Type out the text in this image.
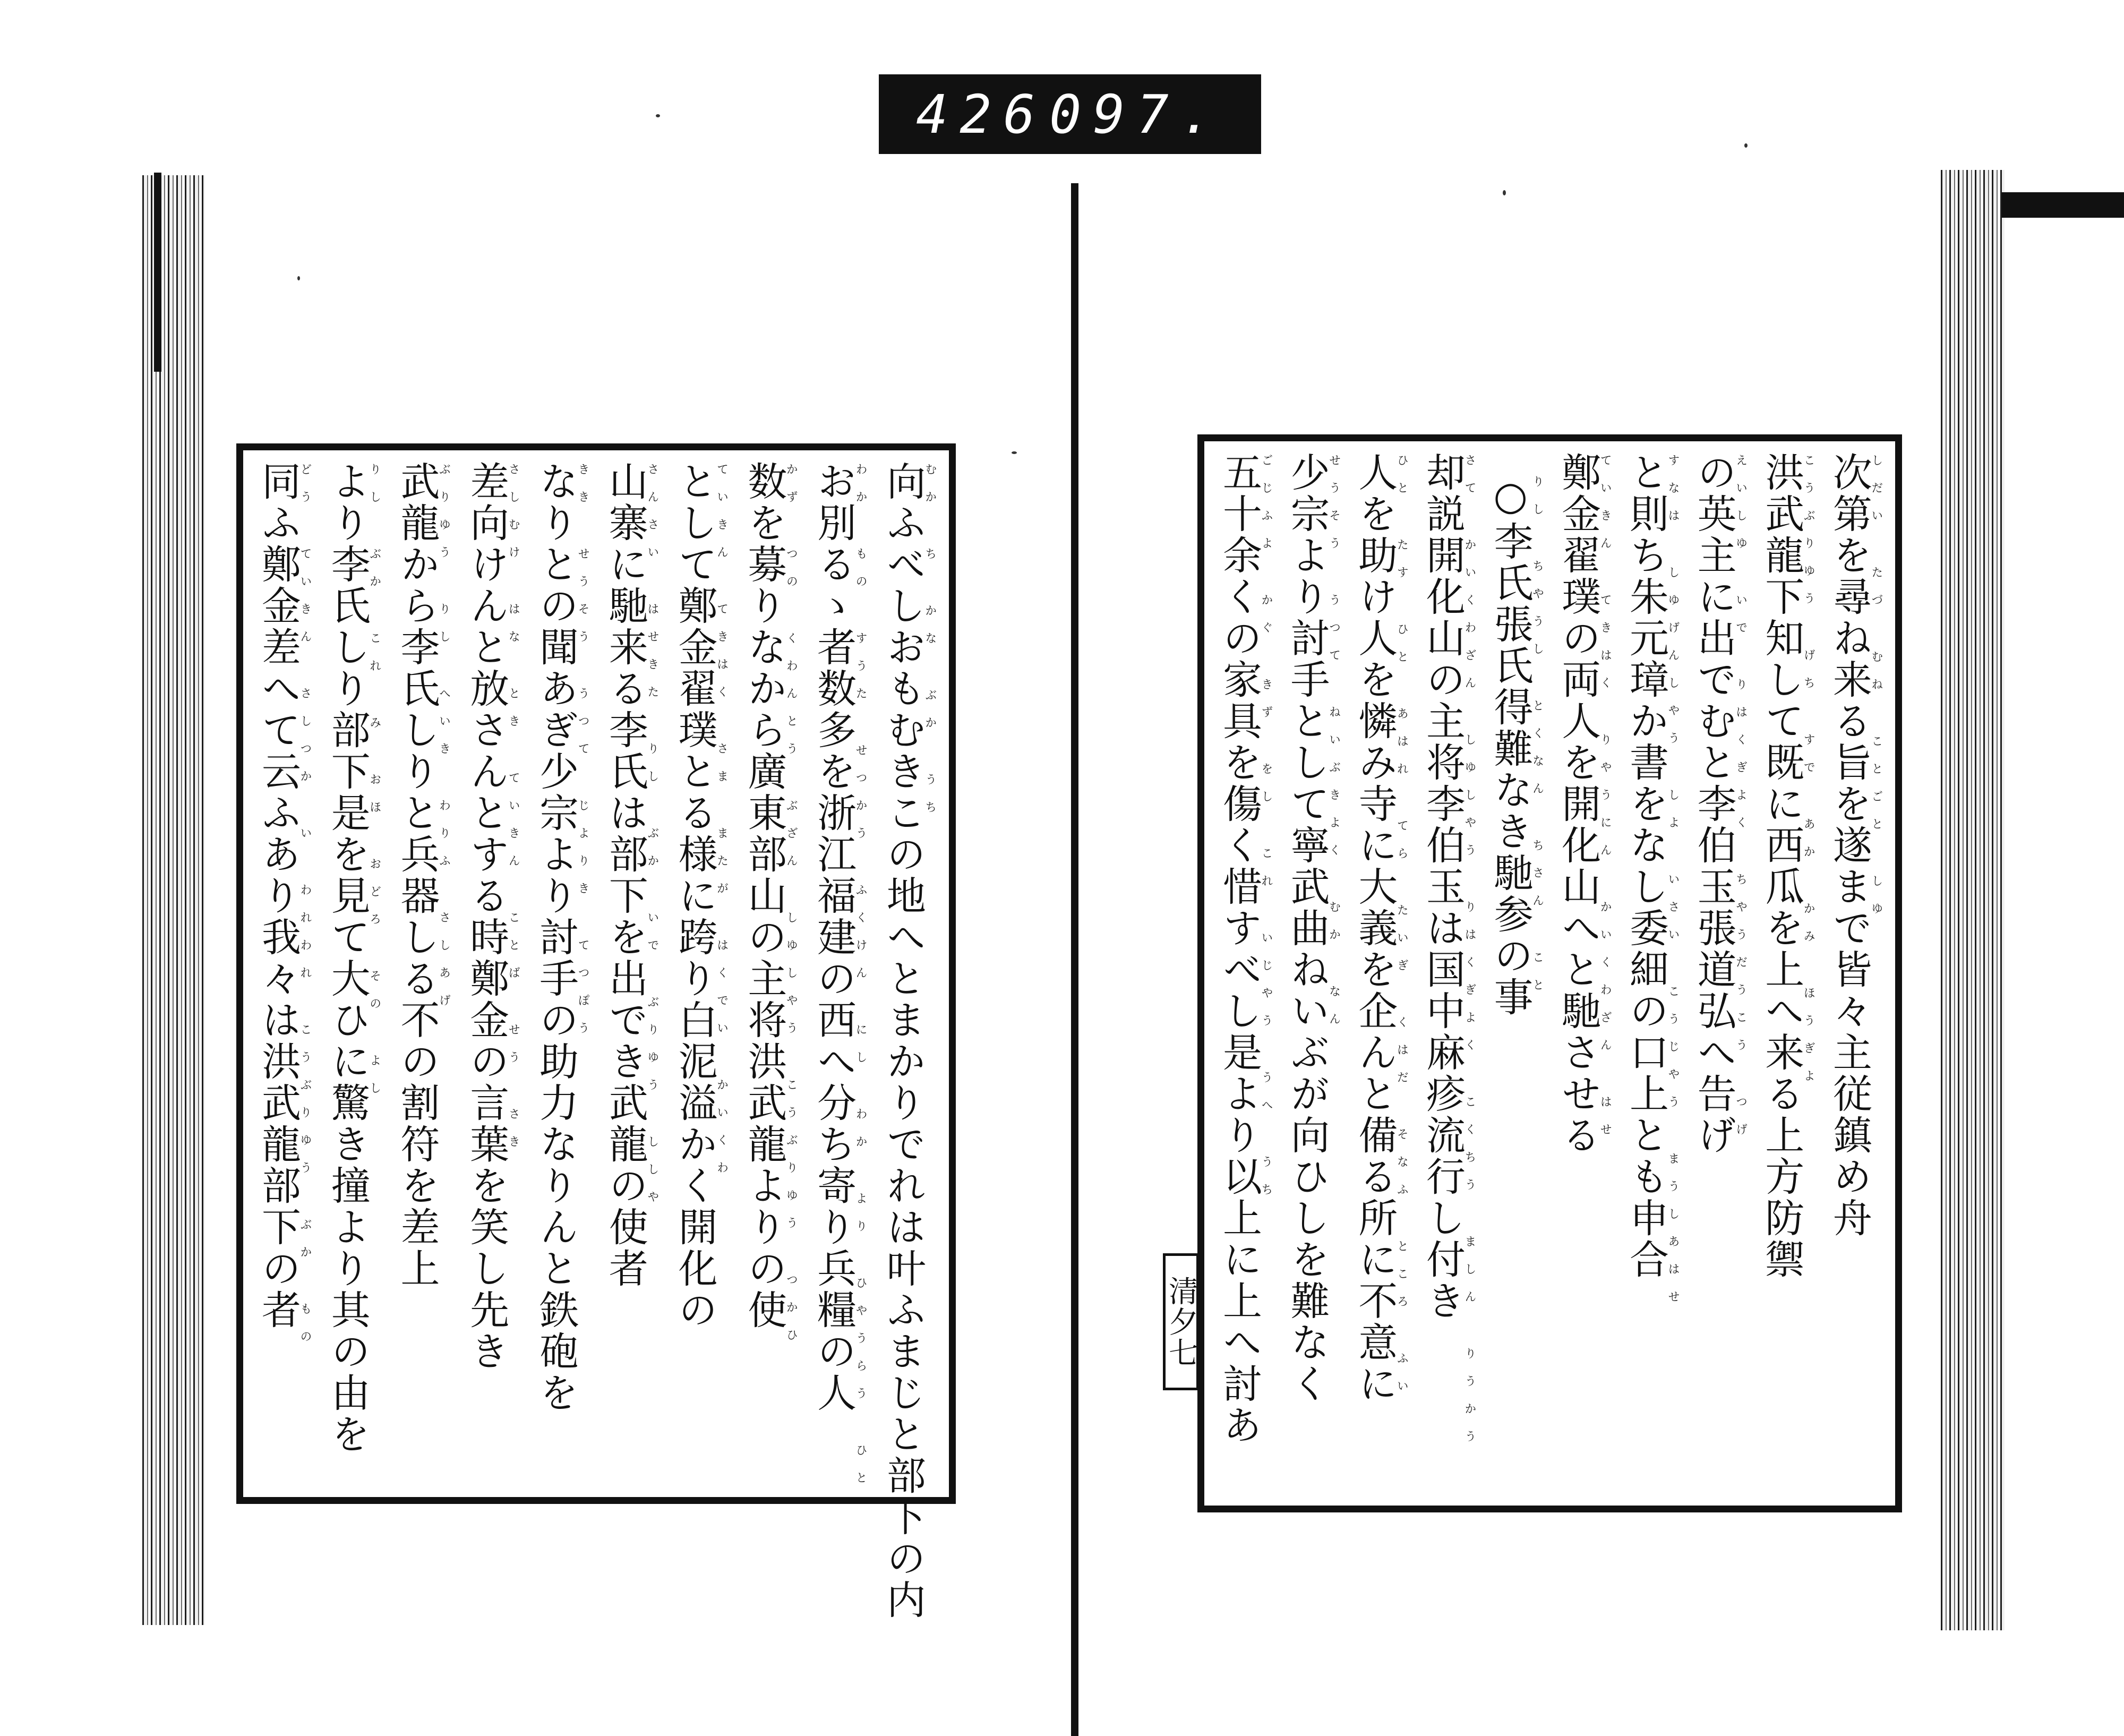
426 097.
向ふべしおもむきこの地へとまかりでれは叶ふまじと部下の内
むか ち かな ぶか うち
お別るゝ者数多を浙江福建の西へ分ち寄り兵糧の人
わか もの すうた せつかう ふくけん にし わか より ひやうらう ひと
数を募りなから廣東部山の主将洪武龍よりの使
かず つの くわんとう ぶざん しゆしやう こうぶりゆう つかひ
として鄭金翟璞とる様に跨り白泥溢かく開化の
ていきん てきはく さま またが はくでい かいくわ
山寨に馳来る李氏は部下を出でき武龍の使者
さんさい はせきた りし ぶか いで ぶりゆう ししや
なりとの聞あぎ少宗より討手の助力なりんと鉄砲を
きき せうそう うつて じよりき てつぽう
差向けんと放さんとする時鄭金の言葉を笑し先き
さしむけ はな とき ていきん ことば せう さき
武龍から李氏しりと兵器しる不の割符を差上
ぶりゆう りし へいき わりふ さしあげ
より李氏しり部下是を見て大ひに驚き撞より其の由を
りし ぶか これ み おほ おどろ その よし
同ふ鄭金差へて云ふあり我々は洪武龍部下の者
どう ていきん さしつか い われわれ こうぶりゆう ぶか もの	次第を尋ね来る旨を遂まで皆々主従鎮め舟
しだい たづ むね ことごと しゆ
洪武龍下知して既に西瓜を上へ来る上方防禦
こうぶりゆう げち すで あか かみ ほうぎよ
の英主に出でむと李伯玉張道弘へ告げ
えいしゆ いで りはくぎよく ちやうだうこう つげ
と則ち朱元璋か書をなし委細の口上とも申合
すなは しゆげんしやう しよ いさい こうじやう まうしあはせ
鄭金翟璞の両人を開化山へと馳させる
ていきん てきはく りやうにん かいくわざん はせ
○李氏張氏得難なき馳参の事
りし ちやうし とくなん ちさん こと
却説開化山の主将李伯玉は国中麻疹流行し付き
さて かいくわざん しゆしやう りはくぎよく こくちう ましん りうかう
人を助け人を憐み寺に大義を企んと備る所に不意に
ひと たす ひと あはれ てら たいぎ くはだ そなふ ところ ふい
少宗より討手として寧武曲ねいぶが向ひしを難なく
せうそう うつて ねいぶきよく むか なん
五十余くの家具を傷く惜すべし是より以上に上へ討あ
ごじふよ かぐ きず をし これ いじやう うへ うち
清夕七
